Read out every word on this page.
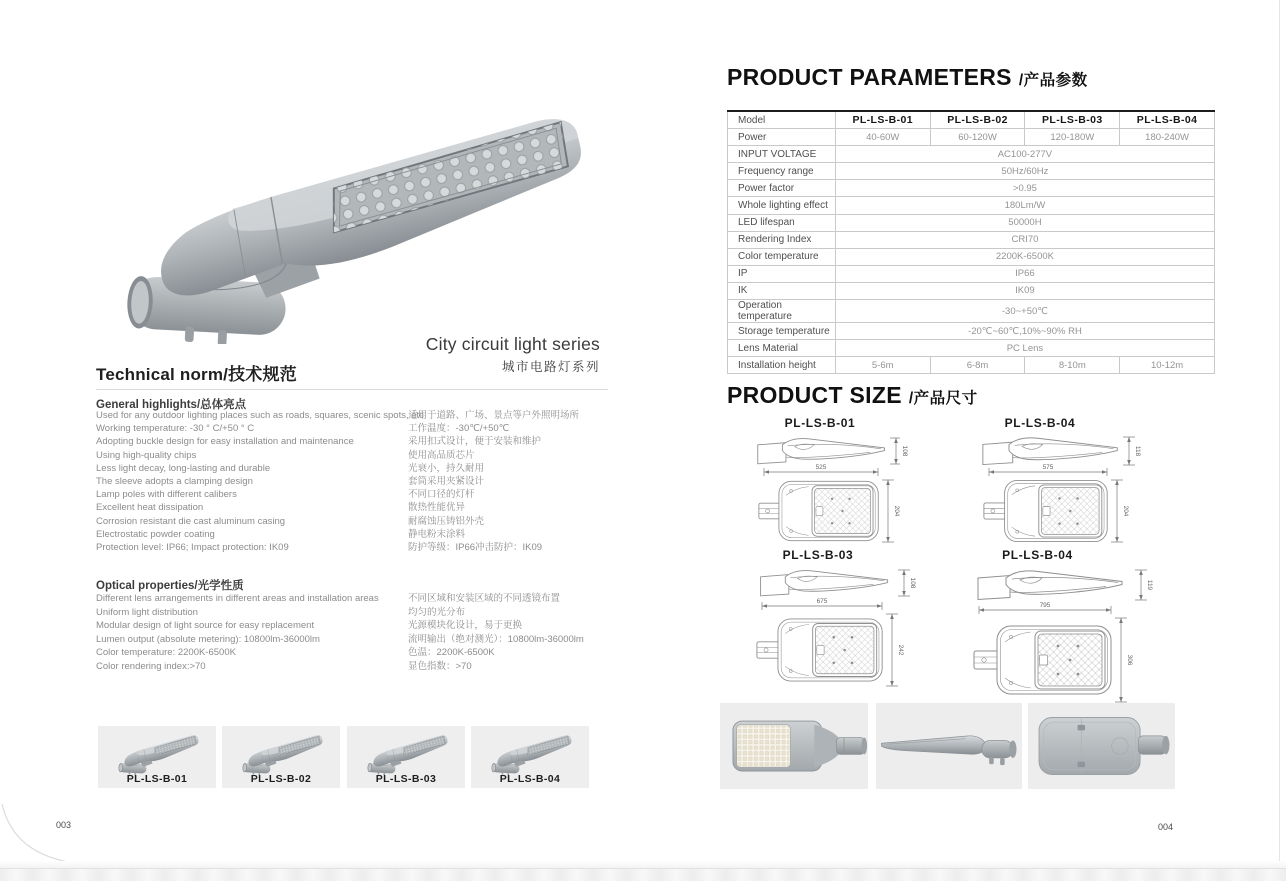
City circuit light series
城市电路灯系列
Technical norm/技术规范
General highlights/总体亮点
Used for any outdoor lighting places such as roads, squares, scenic spots, etc
Working temperature: -30 ° C/+50 ° C
Adopting buckle design for easy installation and maintenance
Using high-quality chips
Less light decay, long-lasting and durable
The sleeve adopts a clamping design
Lamp poles with different calibers
Excellent heat dissipation
Corrosion resistant die cast aluminum casing
Electrostatic powder coating
Protection level: IP66; Impact protection: IK09
适用于道路、广场、景点等户外照明场所
工作温度：-30℃/+50℃
采用扣式设计，便于安装和维护
使用高品质芯片
光衰小，持久耐用
套筒采用夹紧设计
不同口径的灯杆
散热性能优异
耐腐蚀压铸铝外壳
静电粉末涂料
防护等级：IP66冲击防护：IK09
Optical properties/光学性质
Different lens arrangements in different areas and installation areas
Uniform light distribution
Modular design of light source for easy replacement
Lumen output (absolute metering): 10800lm-36000lm
Color temperature: 2200K-6500K
Color rendering index:>70
不同区域和安装区域的不同透镜布置
均匀的光分布
光源模块化设计，易于更换
流明输出（绝对测光）：10800lm-36000lm
色温：2200K-6500K
显色指数：>70
PL-LS-B-01	PL-LS-B-02	PL-LS-B-03	PL-LS-B-04
003
PRODUCT PARAMETERS /产品参数
Model	PL-LS-B-01	PL-LS-B-02	PL-LS-B-03	PL-LS-B-04
Power	40-60W	60-120W	120-180W	180-240W
INPUT VOLTAGE	AC100-277V			
Frequency range	50Hz/60Hz			
Power factor	>0.95			
Whole lighting effect	180Lm/W			
LED lifespan	50000H			
Rendering Index	CRI70			
Color temperature	2200K-6500K			
IP	IP66			
IK	IK09			
Operation temperature	-30~+50℃			
Storage temperature	-20℃~60℃,10%~90% RH			
Lens Material	PC Lens			
Installation height	5-6m	6-8m	8-10m	10-12m
PRODUCT SIZE /产品尺寸
PL-LS-B-01
108
525
204
PL-LS-B-04
118
575
204
PL-LS-B-03
108
675
242
PL-LS-B-04
119
795
306
004
